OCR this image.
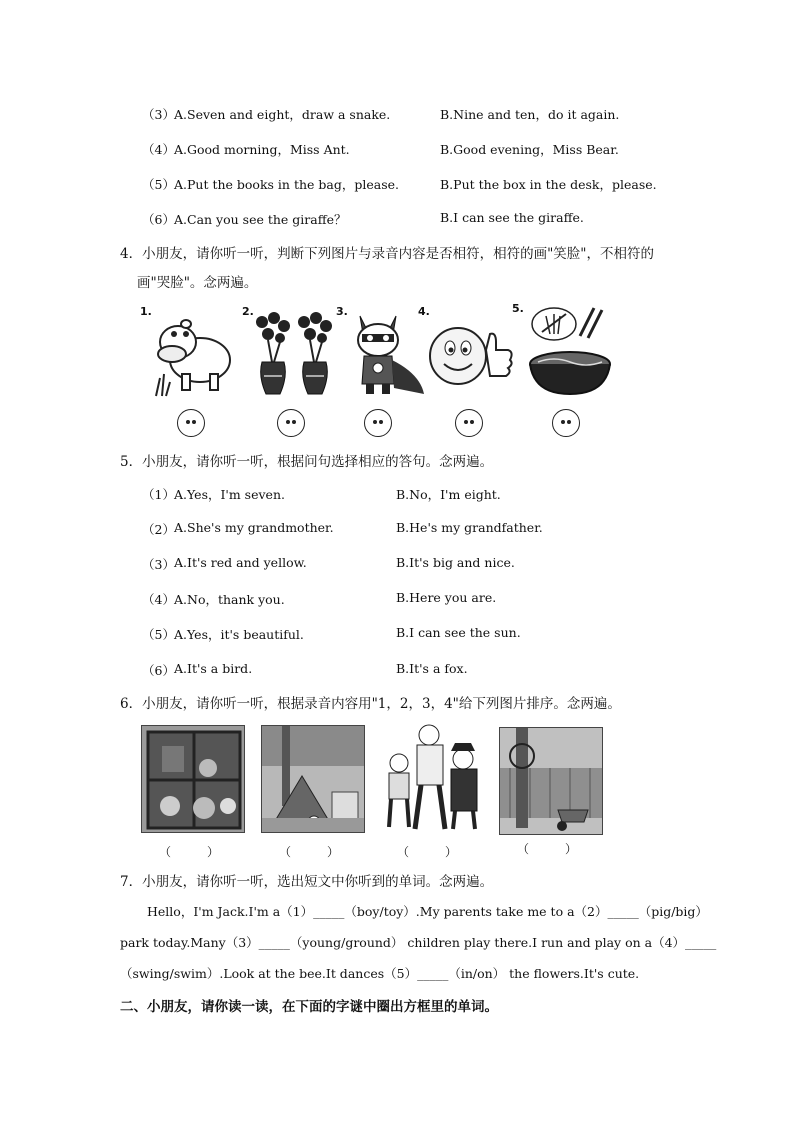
（3） A.Seven and eight，draw a snake.	B.Nine and ten，do it again.
（4） A.Good morning，Miss Ant.	B.Good evening，Miss Bear.
（5） A.Put the books in the bag，please.	B.Put the box in the desk，please.
（6） A.Can you see the giraffe？	B.I can see the giraffe.
4．小朋友，请你听一听，判断下列图片与录音内容是否相符，相符的画"笑脸"，不相符的
画"哭脸"。念两遍。
1.	2.	3.	4.	5.
5．小朋友，请你听一听，根据问句选择相应的答句。念两遍。
（1） A.Yes，I'm seven.	B.No，I'm eight.
（2） A.She's my grandmother.	B.He's my grandfather.
（3） A.It's red and yellow.	B.It's big and nice.
（4） A.No，thank you.	B.Here you are.
（5） A.Yes，it's beautiful.	B.I can see the sun.
（6） A.It's a bird.	B.It's a fox.
6．小朋友，请你听一听，根据录音内容用"1，2，3，4"给下列图片排序。念两遍。
（　　　）	（　　　）	（　　　）	（　　　）
7．小朋友，请你听一听，选出短文中你听到的单词。念两遍。
Hello，I'm Jack.I'm a（1）_____（boy/toy）.My parents take me to a（2）_____（pig/big）
park today.Many（3）_____（young/ground） children play there.I run and play on a（4）_____
（swing/swim）.Look at the bee.It dances（5）_____（in/on） the flowers.It's cute.
二、小朋友，请你读一读，在下面的字谜中圈出方框里的单词。
